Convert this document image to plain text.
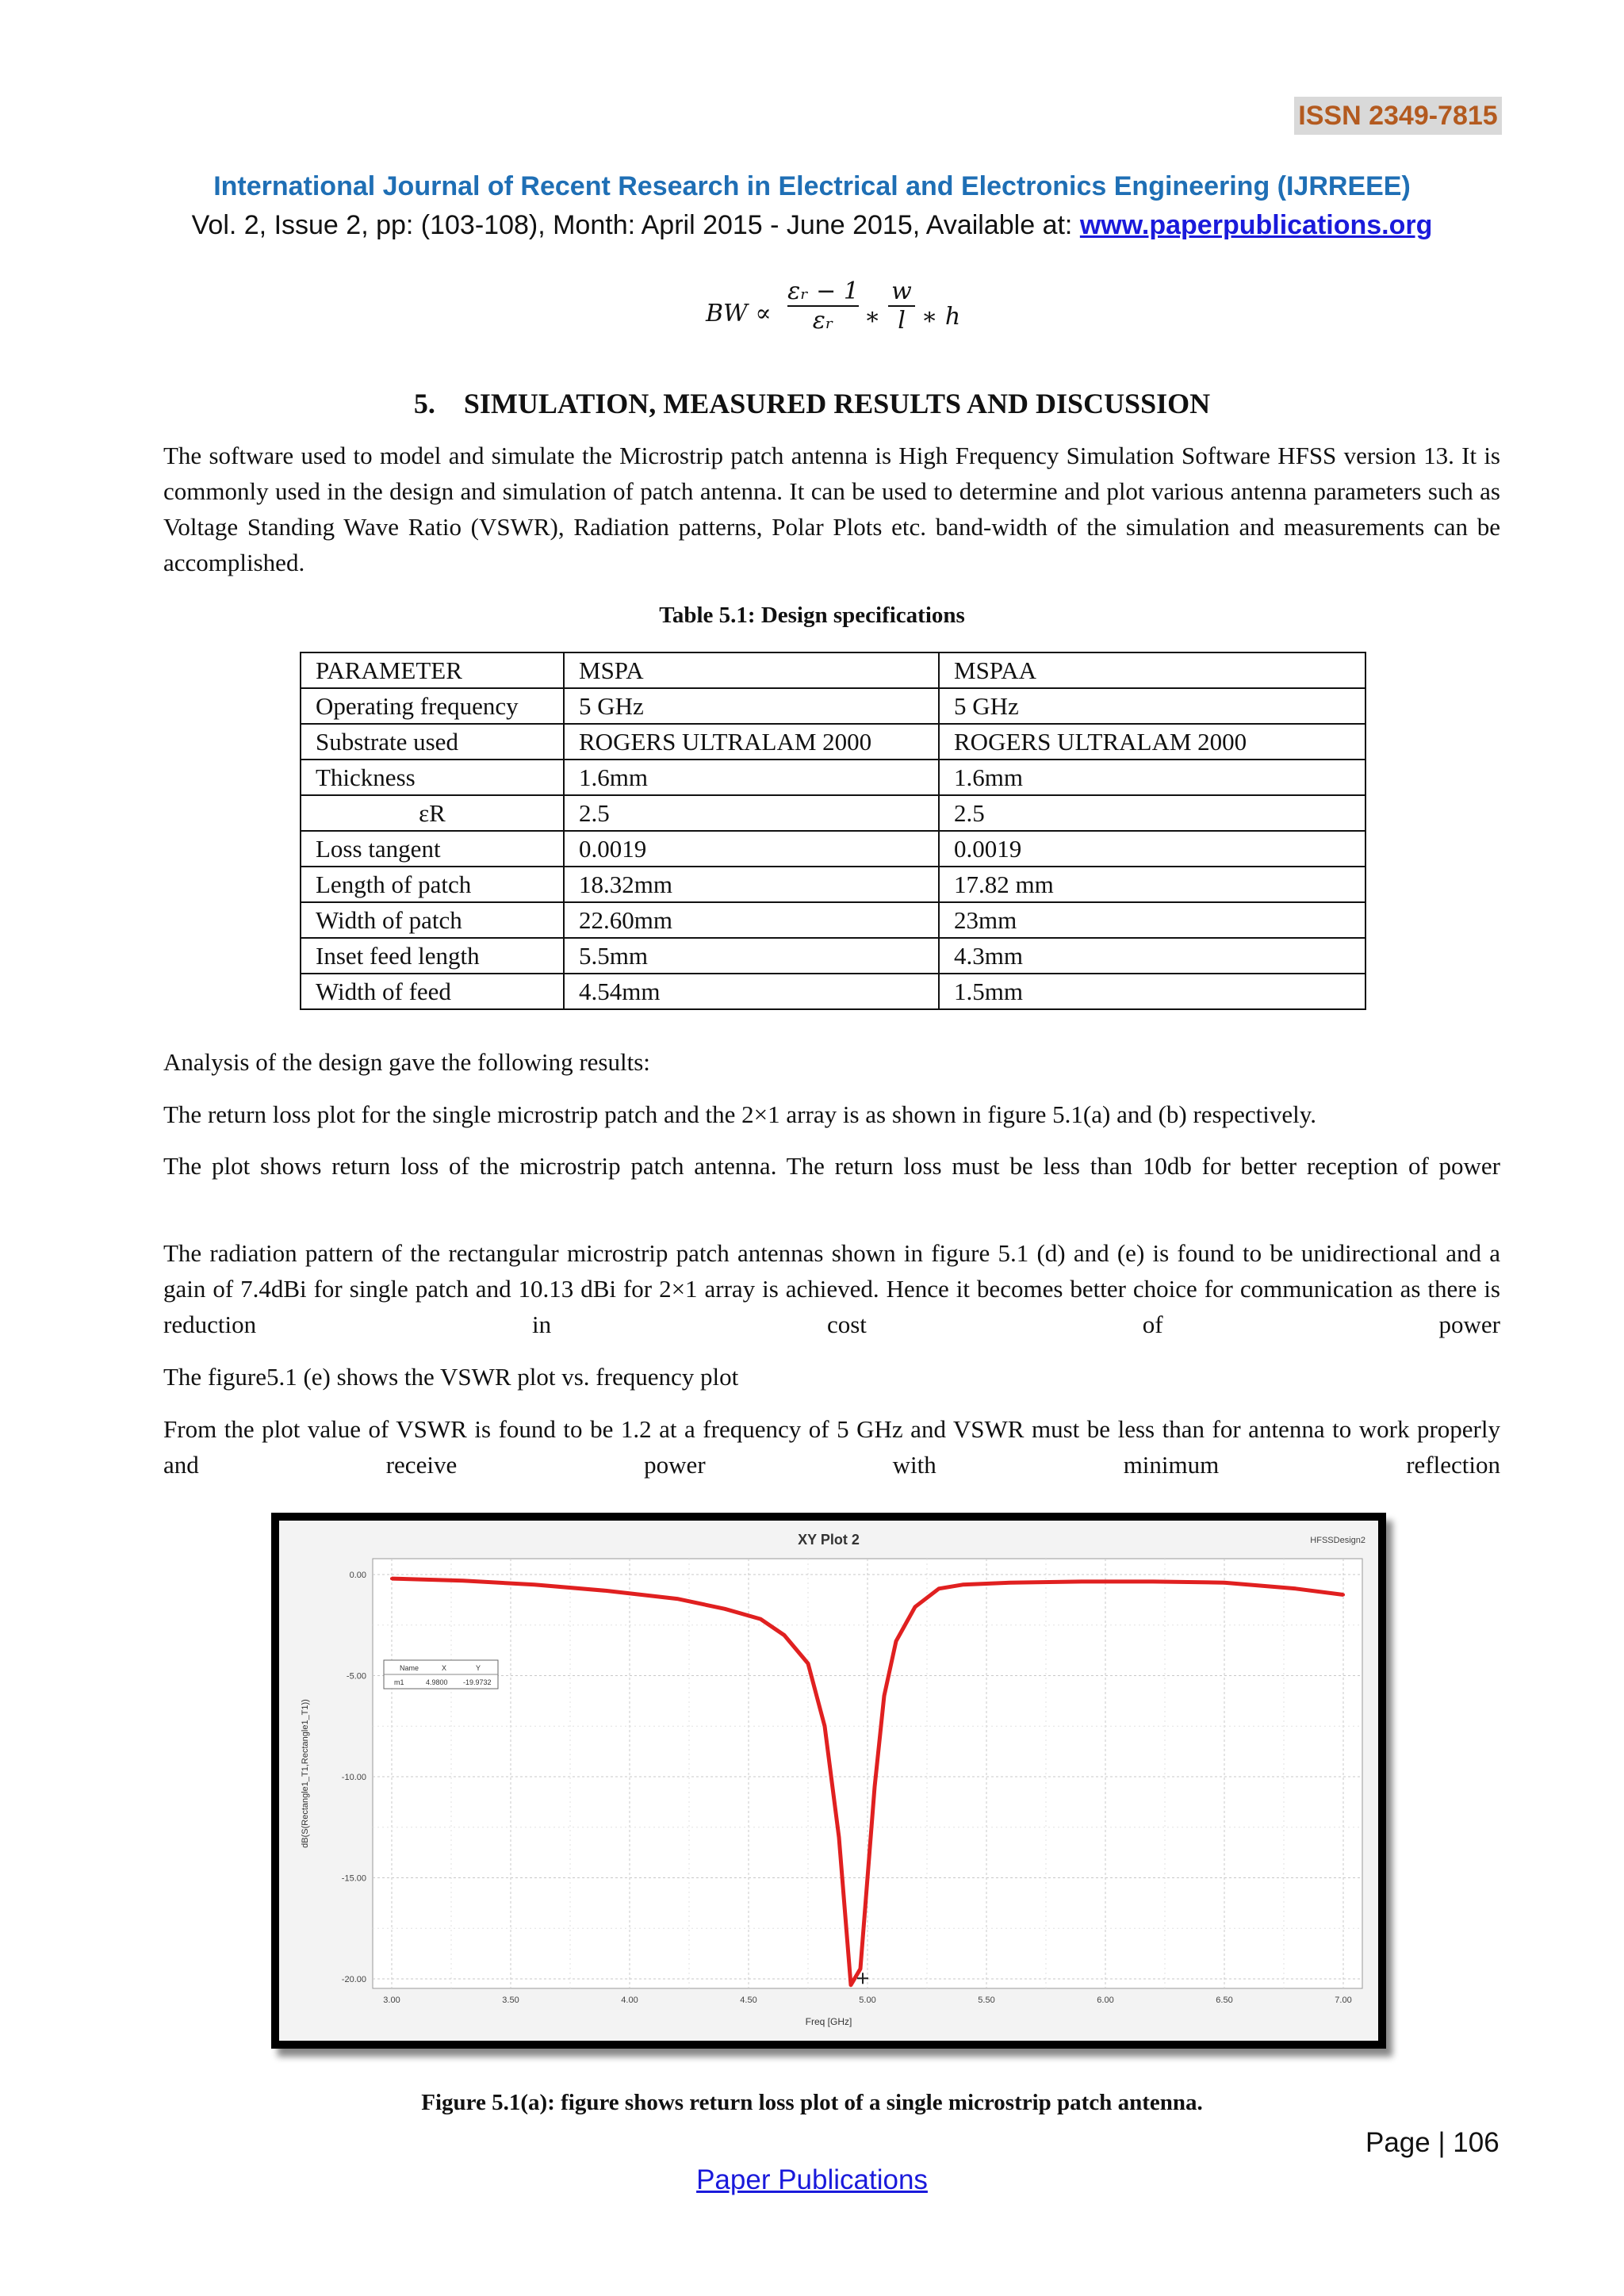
ISSN 2349-7815
International Journal of Recent Research in Electrical and Electronics Engineering (IJRREEE)
Vol. 2, Issue 2, pp: (103-108), Month: April 2015 - June 2015, Available at: www.paperpublications.org
BW ∝ $\frac{\text{εᵣ − 1}}{\text{εᵣ}}$ ∗ $\frac{w}{l}$ ∗ h
5.    SIMULATION, MEASURED RESULTS AND DISCUSSION
The software used to model and simulate the Microstrip patch antenna is High Frequency Simulation Software HFSS version 13. It is commonly used in the design and simulation of patch antenna. It can be used to determine and plot various antenna parameters such as Voltage Standing Wave Ratio (VSWR), Radiation patterns, Polar Plots etc. band-width of the simulation and measurements can be accomplished.
Table 5.1: Design specifications
PARAMETER	MSPA	MSPAA
Operating frequency	5 GHz	5 GHz
Substrate used	ROGERS ULTRALAM 2000	ROGERS ULTRALAM 2000
Thickness	1.6mm	1.6mm
εR	2.5	2.5
Loss tangent	0.0019	0.0019
Length of patch	18.32mm	17.82 mm
Width of patch	22.60mm	23mm
Inset feed length	5.5mm	4.3mm
Width of feed	4.54mm	1.5mm
Analysis of the design gave the following results:
The return loss plot for the single microstrip patch and the 2×1 array is as shown in figure 5.1(a) and (b) respectively.
The plot shows return loss of the microstrip patch antenna. The return loss must be less than 10db for better reception of power
The radiation pattern of the rectangular microstrip patch antennas shown in figure 5.1 (d) and (e) is found to be unidirectional and a gain of 7.4dBi for single patch and 10.13 dBi for 2×1 array is achieved. Hence it becomes better choice for communication as there is reduction in cost of power
The figure5.1 (e) shows the VSWR plot vs. frequency plot
From the plot value of VSWR is found to be 1.2 at a frequency of 5 GHz and VSWR must be less than for antenna to work properly and receive power with minimum reflection
XY Plot 2	HFSSDesign2
3.00	3.50	4.00	4.50	5.00	5.50	6.00	6.50	7.00
0.00
-5.00
-10.00
-15.00
-20.00
Freq [GHz]
dB(S(Rectangle1_T1,Rectangle1_T1))
Name	X	Y
m1	4.9800 -19.9732
Figure 5.1(a): figure shows return loss plot of a single microstrip patch antenna.
Page | 106
Paper Publications
